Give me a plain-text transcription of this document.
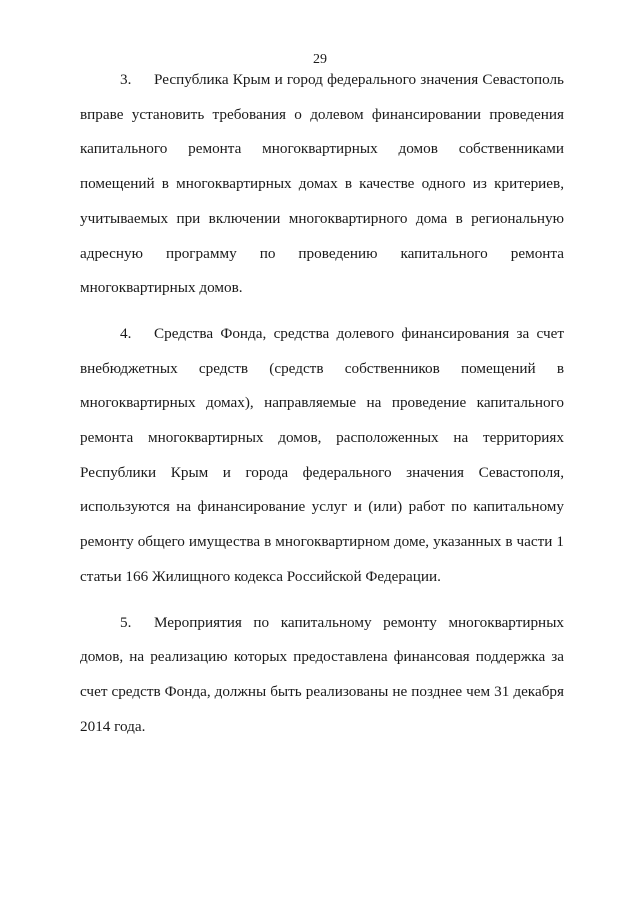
29

3. Республика Крым и город федерального значения Севастополь вправе установить требования о долевом финансировании проведения капитального ремонта многоквартирных домов собственниками помещений в многоквартирных домах в качестве одного из критериев, учитываемых при включении многоквартирного дома в региональную адресную программу по проведению капитального ремонта многоквартирных домов.

4. Средства Фонда, средства долевого финансирования за счет внебюджетных средств (средств собственников помещений в многоквартирных домах), направляемые на проведение капитального ремонта многоквартирных домов, расположенных на территориях Республики Крым и города федерального значения Севастополя, используются на финансирование услуг и (или) работ по капитальному ремонту общего имущества в многоквартирном доме, указанных в части 1 статьи 166 Жилищного кодекса Российской Федерации.

5. Мероприятия по капитальному ремонту многоквартирных домов, на реализацию которых предоставлена финансовая поддержка за счет средств Фонда, должны быть реализованы не позднее чем 31 декабря 2014 года.
